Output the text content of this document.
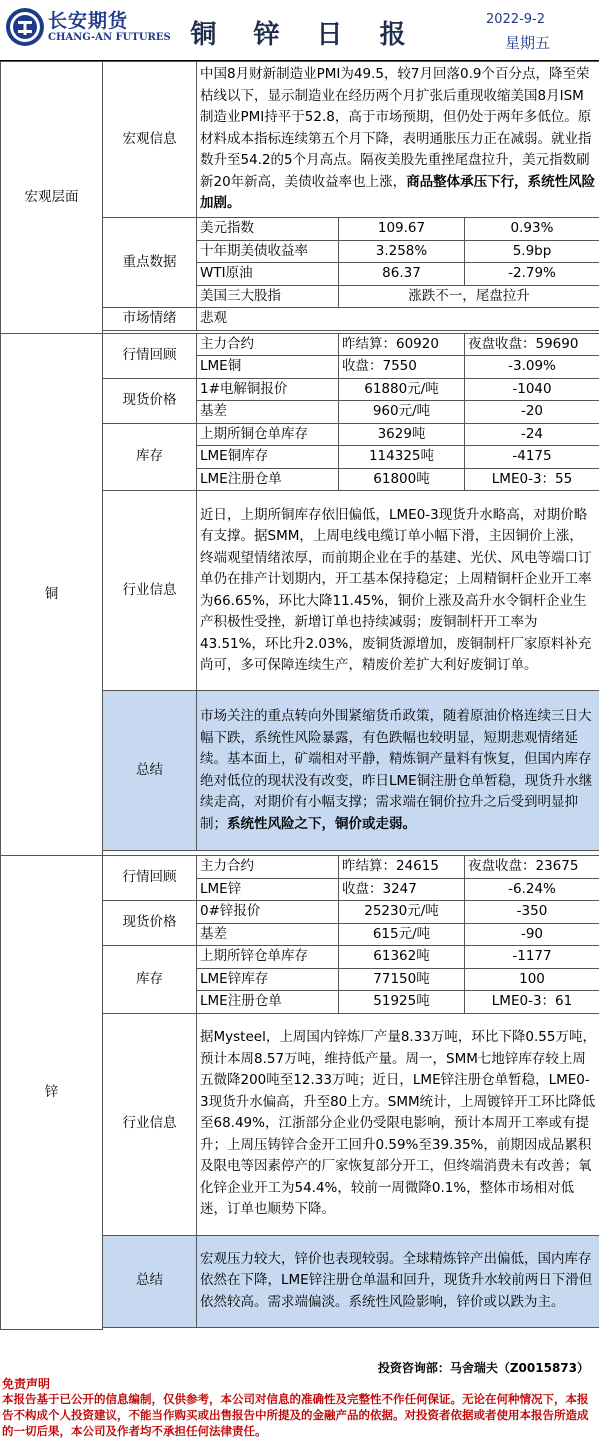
长安期货
CHANG-AN FUTURES 铜 锌 日 报
2022-9-2
星期五
宏观层面	宏观信息	中国8月财新制造业PMI为49.5，较7月回落0.9个百分点，降至荣枯线以下，显示制造业在经历两个月扩张后重现收缩美国8月ISM制造业PMI持平于52.8，高于市场预期，但仍处于两年多低位。原材料成本指标连续第五个月下降，表明通胀压力正在减弱。就业指数升至54.2的5个月高点。隔夜美股先重挫尾盘拉升，美元指数刷新20年新高，美债收益率也上涨，商品整体承压下行，系统性风险加剧。		
	重点数据	美元指数	109.67	0.93%
		十年期美债收益率	3.258%	5.9bp
		WTI原油	86.37	-2.79%
		美国三大股指	涨跌不一，尾盘拉升	
	市场情绪	悲观		

铜	行情回顾	主力合约	昨结算：60920	夜盘收盘：59690
		LME铜	收盘：7550	-3.09%
	现货价格	1#电解铜报价	61880元/吨	-1040
		基差	960元/吨	-20
	库存	上期所铜仓单库存	3629吨	-24
		LME铜库存	114325吨	-4175
		LME注册仓单	61800吨	LME0-3：55
	行业信息	近日，上期所铜库存依旧偏低，LME0-3现货升水略高，对期价略有支撑。据SMM，上周电线电缆订单小幅下滑，主因铜价上涨，终端观望情绪浓厚，而前期企业在手的基建、光伏、风电等端口订单仍在排产计划期内，开工基本保持稳定；上周精铜杆企业开工率为66.65%，环比大降11.45%，铜价上涨及高升水令铜杆企业生产积极性受挫，新增订单也持续减弱；废铜制杆开工率为43.51%，环比升2.03%，废铜货源增加，废铜制杆厂家原料补充尚可，多可保障连续生产，精废价差扩大利好废铜订单。		
	总结	市场关注的重点转向外围紧缩货币政策，随着原油价格连续三日大幅下跌，系统性风险暴露，有色跌幅也较明显，短期悲观情绪延续。基本面上，矿端相对平静，精炼铜产量料有恢复，但国内库存绝对低位的现状没有改变，昨日LME铜注册仓单暂稳，现货升水继续走高，对期价有小幅支撑；需求端在铜价拉升之后受到明显抑制；系统性风险之下，铜价或走弱。		

锌	行情回顾	主力合约	昨结算：24615	夜盘收盘：23675
		LME锌	收盘：3247	-6.24%
	现货价格	0#锌报价	25230元/吨	-350
		基差	615元/吨	-90
	库存	上期所锌仓单库存	61362吨	-1177
		LME锌库存	77150吨	100
		LME注册仓单	51925吨	LME0-3：61
	行业信息	据Mysteel，上周国内锌炼厂产量8.33万吨，环比下降0.55万吨，预计本周8.57万吨，维持低产量。周一，SMM七地锌库存较上周五微降200吨至12.33万吨；近日，LME锌注册仓单暂稳，LME0-3现货升水偏高，升至80上方。SMM统计，上周镀锌开工环比降低至68.49%，江浙部分企业仍受限电影响，预计本周开工率或有提升；上周压铸锌合金开工回升0.59%至39.35%，前期因成品累积及限电等因素停产的厂家恢复部分开工，但终端消费未有改善；氧化锌企业开工为54.4%，较前一周微降0.1%，整体市场相对低迷，订单也顺势下降。		
	总结	宏观压力较大，锌价也表现较弱。全球精炼锌产出偏低，国内库存依然在下降，LME锌注册仓单温和回升，现货升水较前两日下滑但依然较高。需求端偏淡。系统性风险影响，锌价或以跌为主。		

投资咨询部：马舍瑞夫（Z0015873）
免责声明
本报告基于已公开的信息编制，仅供参考，本公司对信息的准确性及完整性不作任何保证。无论在何种情况下，本报告不构成个人投资建议，不能当作购买或出售报告中所提及的金融产品的依据。对投资者依据或者使用本报告所造成的一切后果，本公司及作者均不承担任何法律责任。
